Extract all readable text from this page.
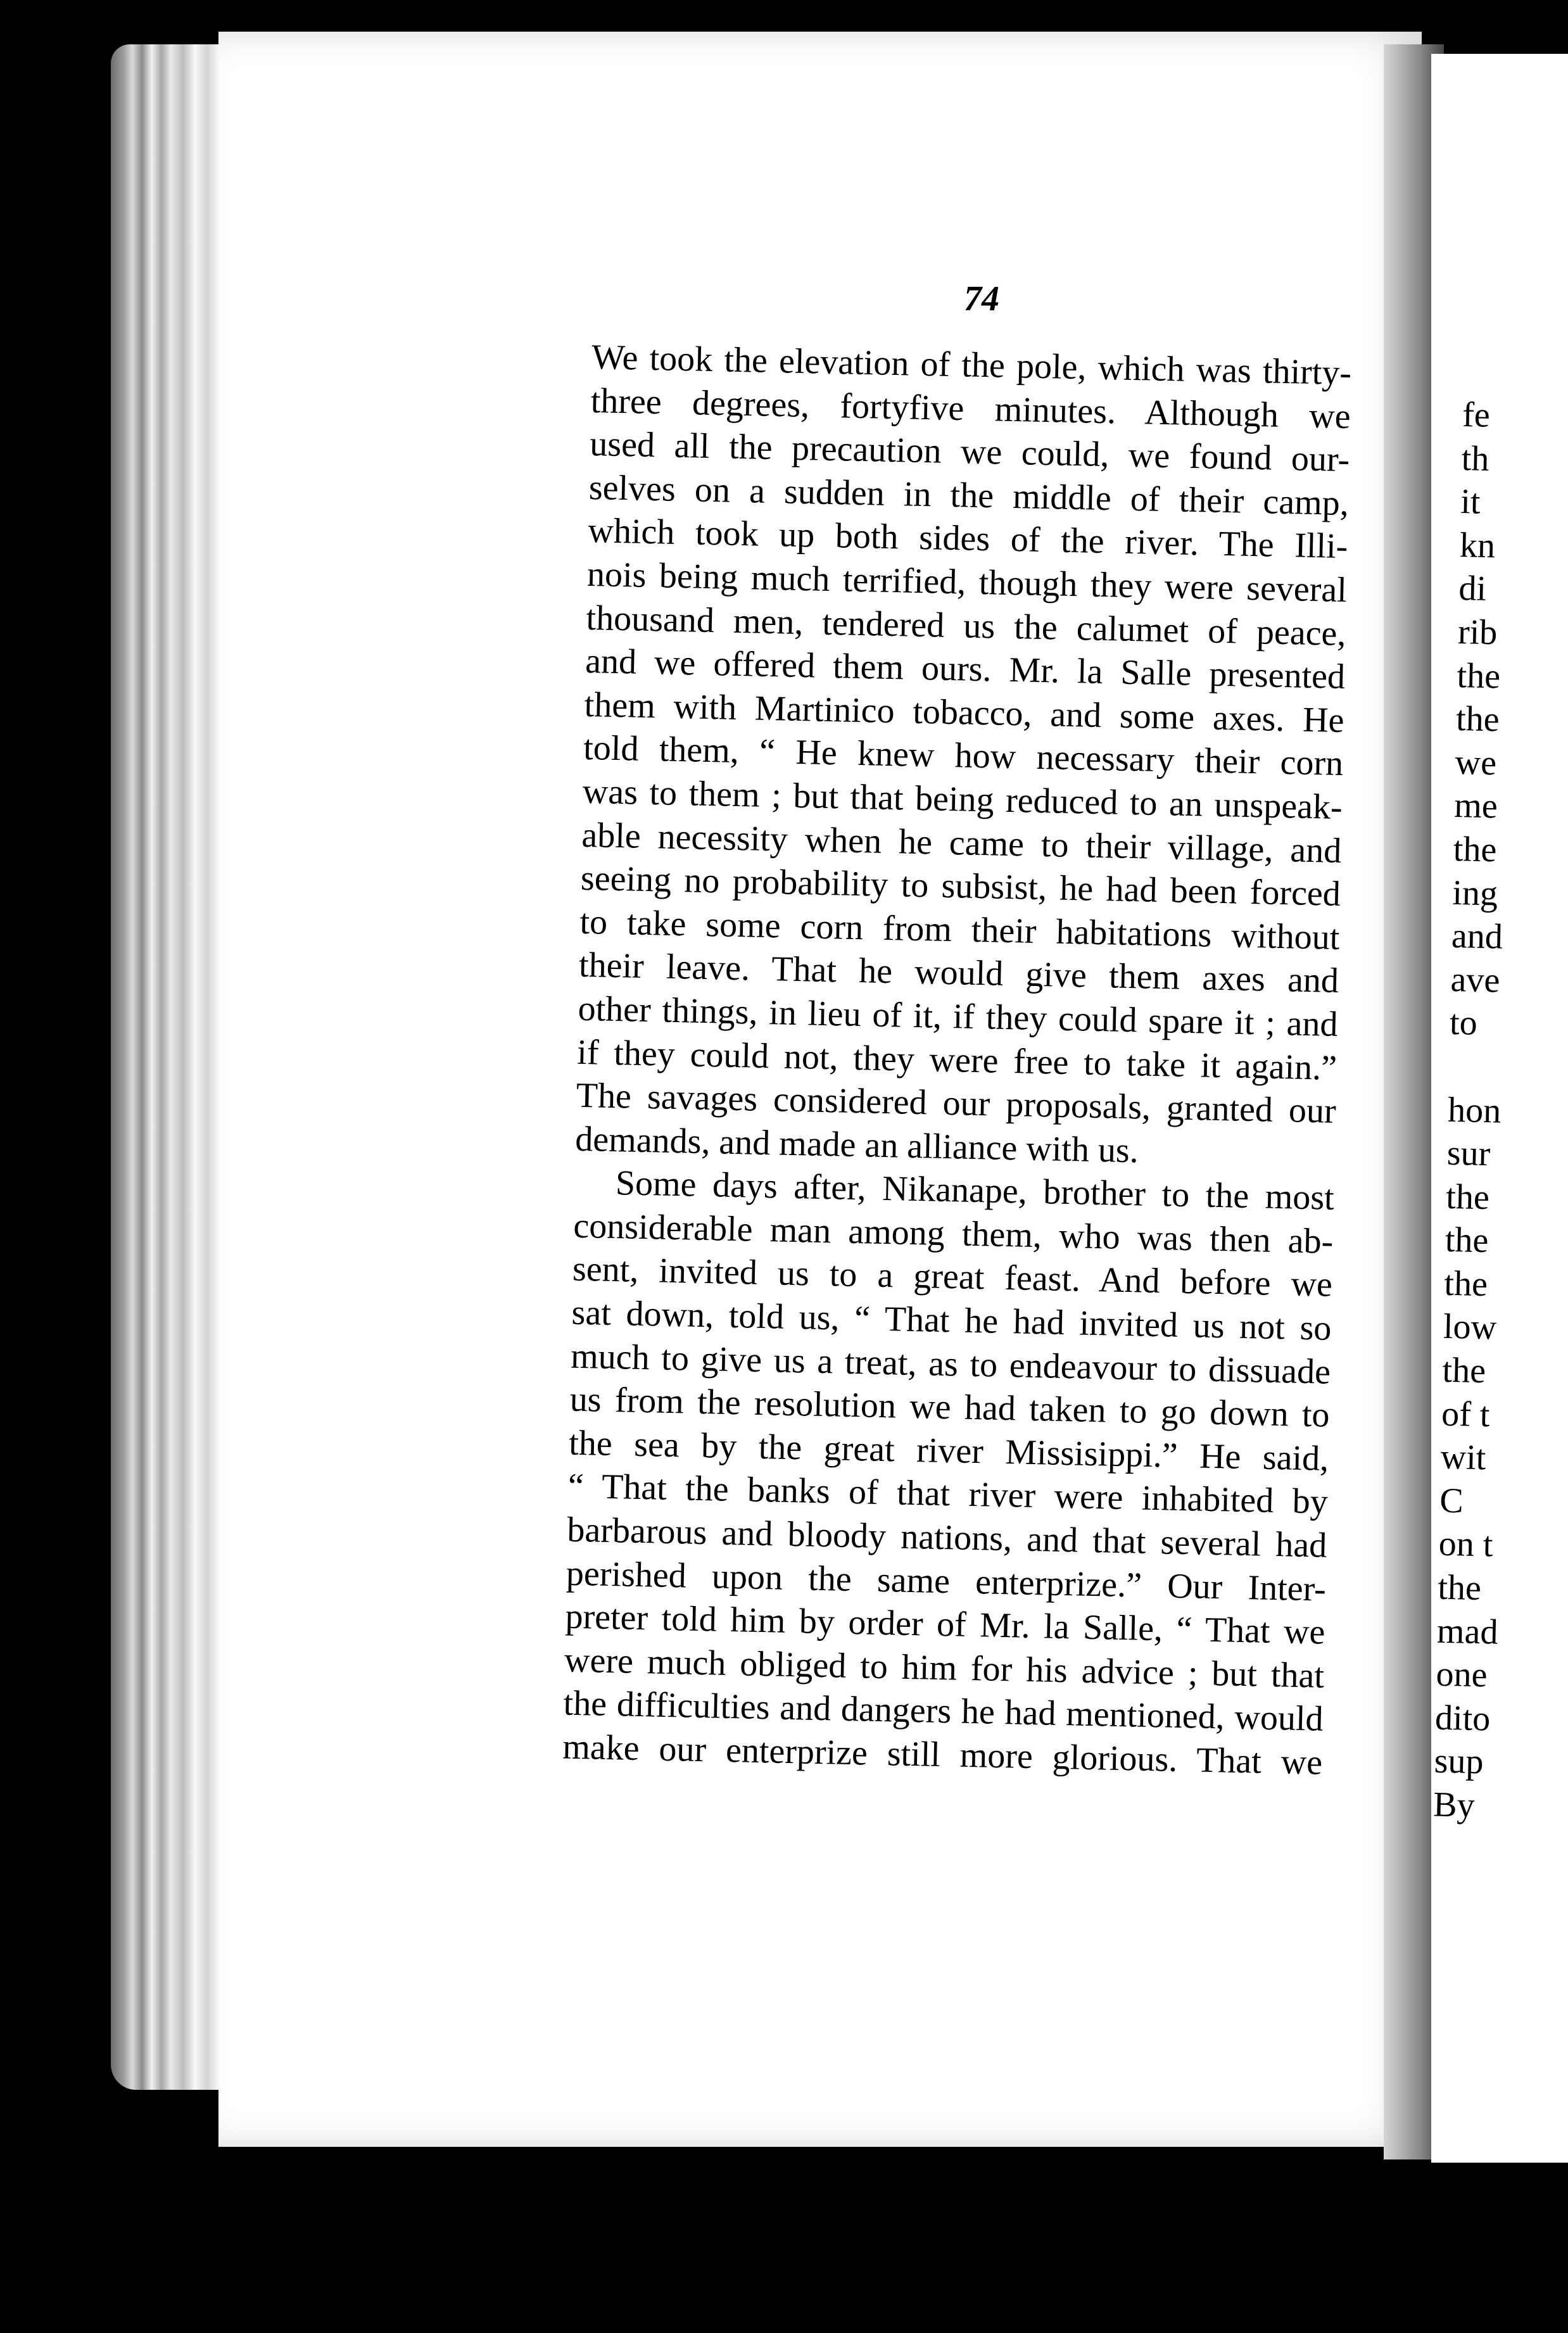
fe
th
it
kn
di
rib
the
the
we
me
the
ing
and
ave
to
hon
sur
the
the
the
low
the
of t
wit
C
on t
the
mad
one
dito
sup
By
74
We took the elevation of the pole, which was thirty-
three degrees, fortyfive minutes. Although we
used all the precaution we could, we found our-
selves on a sudden in the middle of their camp,
which took up both sides of the river. The Illi-
nois being much terrified, though they were several
thousand men, tendered us the calumet of peace,
and we offered them ours. Mr. la Salle presented
them with Martinico tobacco, and some axes. He
told them, “ He knew how necessary their corn
was to them ; but that being reduced to an unspeak-
able necessity when he came to their village, and
seeing no probability to subsist, he had been forced
to take some corn from their habitations without
their leave. That he would give them axes and
other things, in lieu of it, if they could spare it ; and
if they could not, they were free to take it again.”
The savages considered our proposals, granted our
demands, and made an alliance with us.
Some days after, Nikanape, brother to the most
considerable man among them, who was then ab-
sent, invited us to a great feast. And before we
sat down, told us, “ That he had invited us not so
much to give us a treat, as to endeavour to dissuade
us from the resolution we had taken to go down to
the sea by the great river Missisippi.” He said,
“ That the banks of that river were inhabited by
barbarous and bloody nations, and that several had
perished upon the same enterprize.” Our Inter-
preter told him by order of Mr. la Salle, “ That we
were much obliged to him for his advice ; but that
the difficulties and dangers he had mentioned, would
make our enterprize still more glorious. That we
